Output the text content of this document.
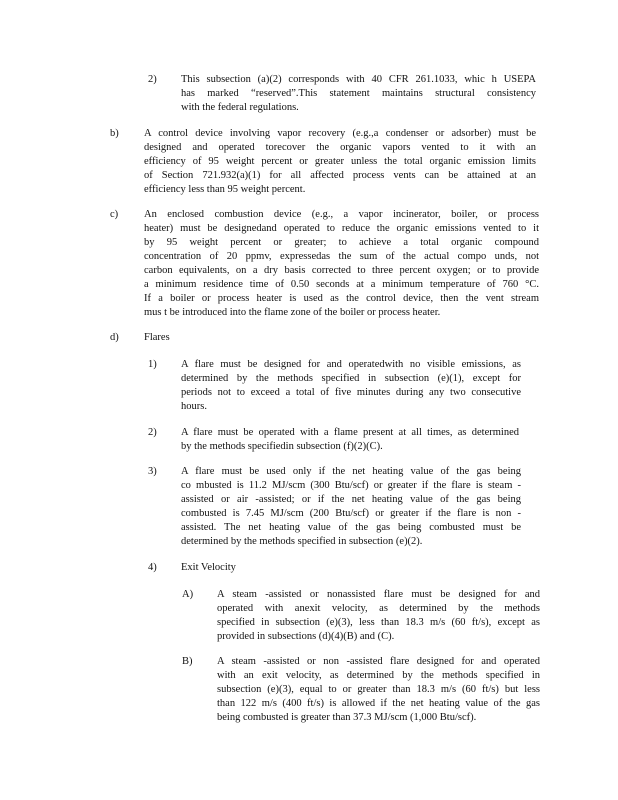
2) This subsection (a)(2) corresponds with 40 CFR 261.1033, whic h USEPA
has marked “reserved”.This statement maintains structural consistency
with the federal regulations.
b) A control device involving vapor recovery (e.g.,a condenser or adsorber) must be
designed and operated torecover the organic vapors vented to it with an
efficiency of 95 weight percent or greater unless the total organic emission limits
of Section 721.932(a)(1) for all affected process vents can be attained at an
efficiency less than 95 weight percent.
c) An enclosed combustion device (e.g., a vapor incinerator, boiler, or process
heater) must be designedand operated to reduce the organic emissions vented to it
by 95 weight percent or greater; to achieve a total organic compound
concentration of 20 ppmv, expressedas the sum of the actual compo unds, not
carbon equivalents, on a dry basis corrected to three percent oxygen; or to provide
a minimum residence time of 0.50 seconds at a minimum temperature of 760 °C.
If a boiler or process heater is used as the control device, then the vent stream
mus t be introduced into the flame zone of the boiler or process heater.
d) Flares
1) A flare must be designed for and operatedwith no visible emissions, as
determined by the methods specified in subsection (e)(1), except for
periods not to exceed a total of five minutes during any two consecutive
hours.
2) A flare must be operated with a flame present at all times, as determined
by the methods specifiedin subsection (f)(2)(C).
3) A flare must be used only if the net heating value of the gas being
co mbusted is 11.2 MJ/scm (300 Btu/scf) or greater if the flare is steam -
assisted or air -assisted; or if the net heating value of the gas being
combusted is 7.45 MJ/scm (200 Btu/scf) or greater if the flare is non -
assisted. The net heating value of the gas being combusted must be
determined by the methods specified in subsection (e)(2).
4) Exit Velocity
A) A steam -assisted or nonassisted flare must be designed for and
operated with anexit velocity, as determined by the methods
specified in subsection (e)(3), less than 18.3 m/s (60 ft/s), except as
provided in subsections (d)(4)(B) and (C).
B) A steam -assisted or non -assisted flare designed for and operated
with an exit velocity, as determined by the methods specified in
subsection (e)(3), equal to or greater than 18.3 m/s (60 ft/s) but less
than 122 m/s (400 ft/s) is allowed if the net heating value of the gas
being combusted is greater than 37.3 MJ/scm (1,000 Btu/scf).
